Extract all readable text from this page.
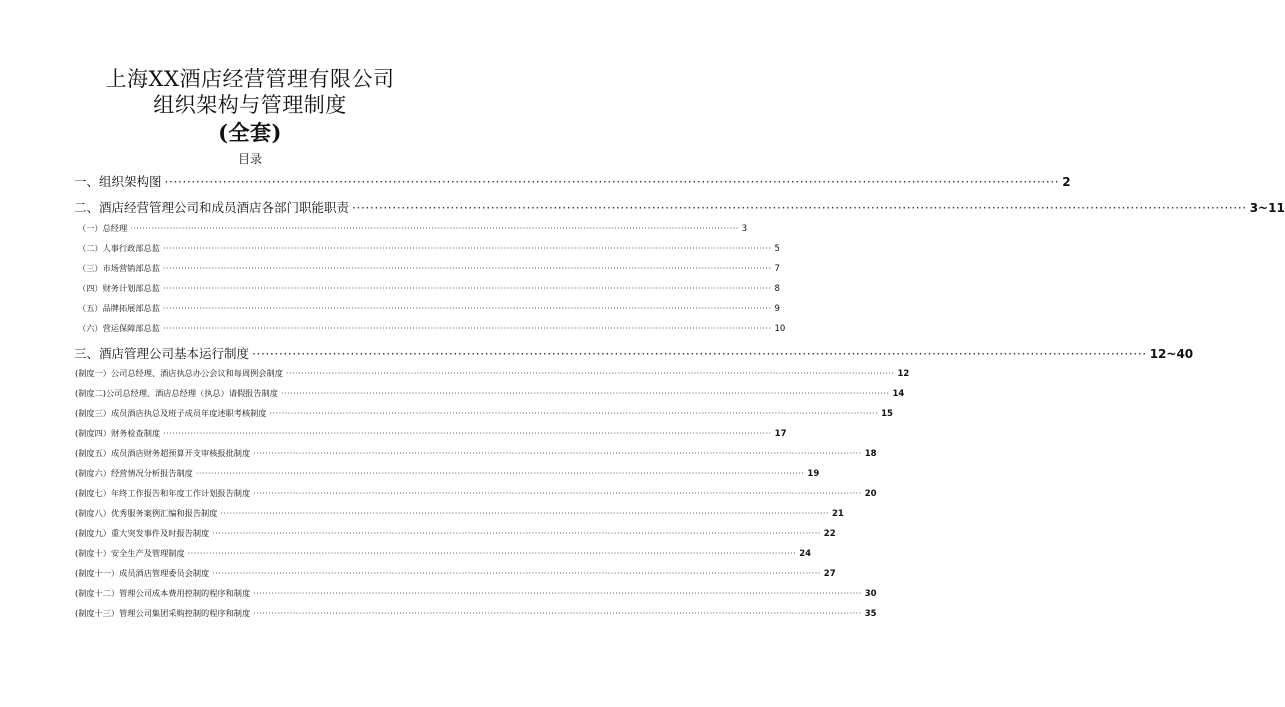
上海XX酒店经营管理有限公司
组织架构与管理制度
(全套)
目录
一、组织架构图 ········································································································································································································ 2
二、酒店经营管理公司和成员酒店各部门职能职责 ········································································································································································································ 3~11
（一）总经理 ········································································································································································································ 3
（二）人事行政部总监 ········································································································································································································ 5
（三）市场营销部总监 ········································································································································································································ 7
（四）财务计划部总监 ········································································································································································································ 8
（五）品牌拓展部总监 ········································································································································································································ 9
（六）营运保障部总监 ········································································································································································································ 10
三、酒店管理公司基本运行制度 ········································································································································································································ 12~40
(制度一）公司总经理、酒店执总办公会议和每周例会制度 ········································································································································································································ 12
(制度二)公司总经理、酒店总经理（执总）请假报告制度 ········································································································································································································ 14
(制度三）成员酒店执总及班子成员年度述职考核制度 ········································································································································································································ 15
(制度四）财务检查制度 ········································································································································································································ 17
(制度五）成员酒店财务超预算开支审核报批制度 ········································································································································································································ 18
(制度六）经营情况分析报告制度 ········································································································································································································ 19
(制度七）年终工作报告和年度工作计划报告制度 ········································································································································································································ 20
(制度八）优秀服务案例汇编和报告制度 ········································································································································································································ 21
(制度九）重大突发事件及时报告制度 ········································································································································································································ 22
(制度十）安全生产及管理制度 ········································································································································································································ 24
(制度十一）成员酒店管理委员会制度 ········································································································································································································ 27
(制度十二）管理公司成本费用控制的程序和制度 ········································································································································································································ 30
(制度十三）管理公司集团采购控制的程序和制度 ········································································································································································································ 35
